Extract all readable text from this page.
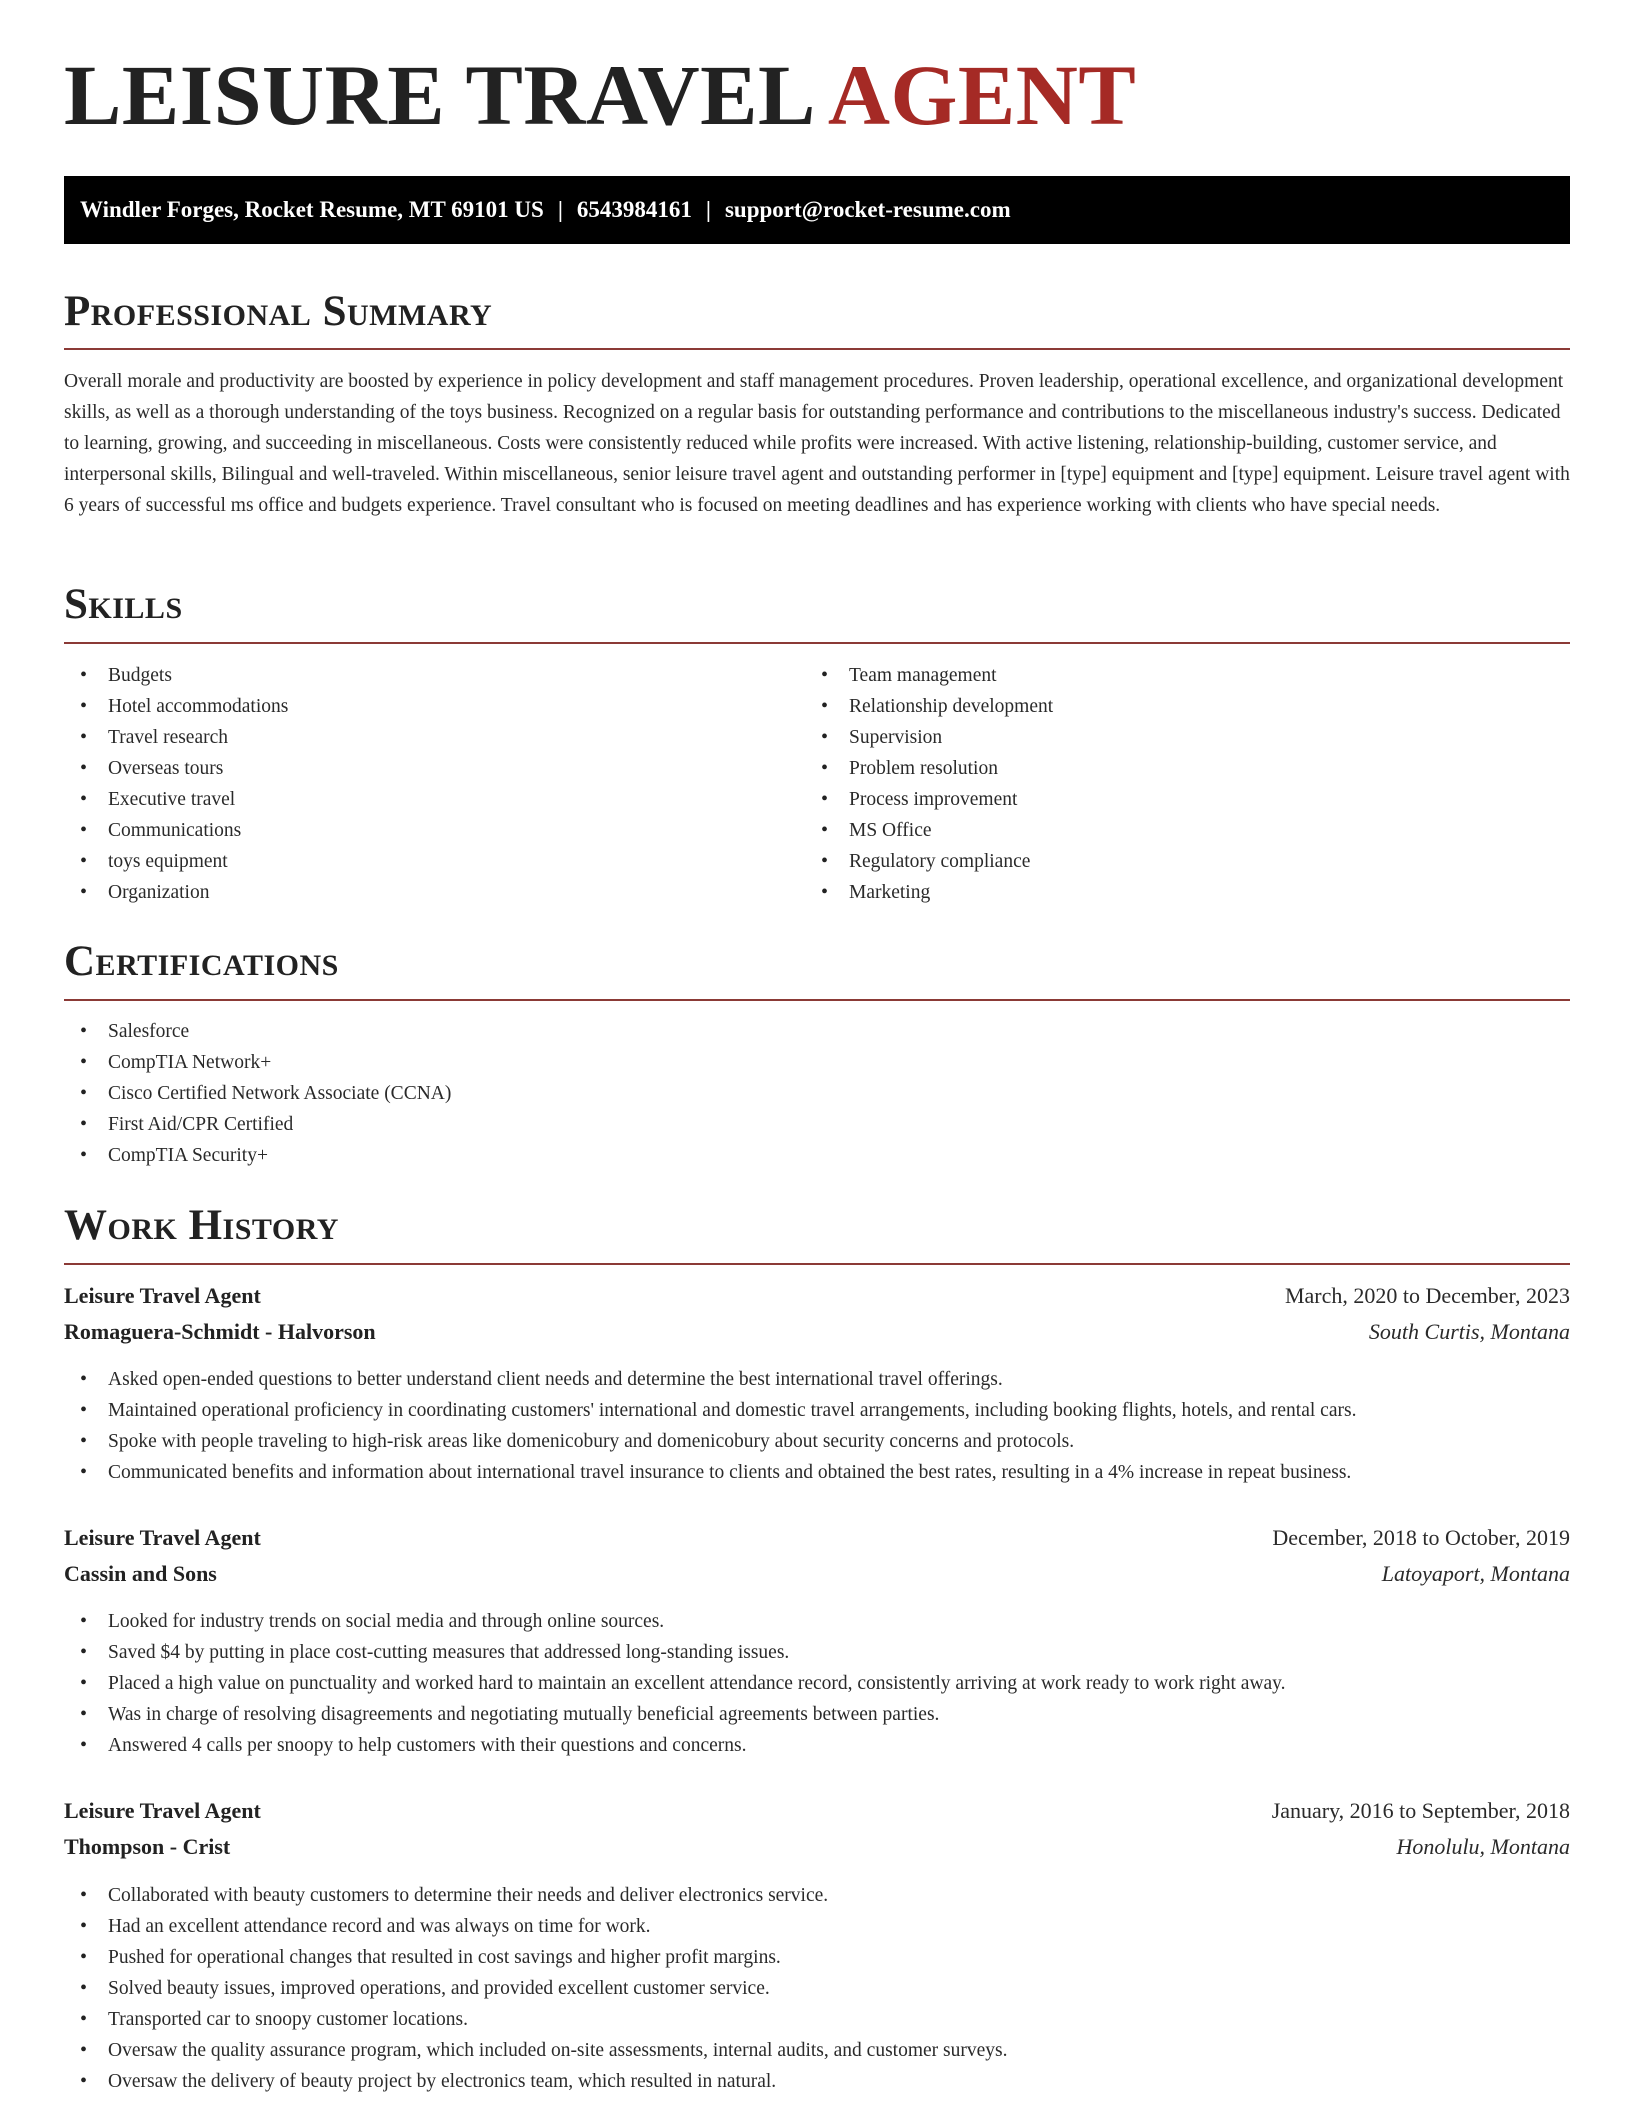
LEISURE TRAVEL AGENT
Windler Forges, Rocket Resume, MT 69101 US | 6543984161 | support@rocket-resume.com
Professional Summary

Overall morale and productivity are boosted by experience in policy development and staff management procedures. Proven leadership, operational excellence, and organizational development skills, as well as a thorough understanding of the toys business. Recognized on a regular basis for outstanding performance and contributions to the miscellaneous industry's success. Dedicated to learning, growing, and succeeding in miscellaneous. Costs were consistently reduced while profits were increased. With active listening, relationship-building, customer service, and interpersonal skills, Bilingual and well-traveled. Within miscellaneous, senior leisure travel agent and outstanding performer in [type] equipment and [type] equipment. Leisure travel agent with 6 years of successful ms office and budgets experience. Travel consultant who is focused on meeting deadlines and has experience working with clients who have special needs.

Skills
• Budgets
• Hotel accommodations
• Travel research
• Overseas tours
• Executive travel
• Communications
• toys equipment
• Organization
• Team management
• Relationship development
• Supervision
• Problem resolution
• Process improvement
• MS Office
• Regulatory compliance
• Marketing
Certifications
• Salesforce
• CompTIA Network+
• Cisco Certified Network Associate (CCNA)
• First Aid/CPR Certified
• CompTIA Security+
Work History
Leisure Travel Agent	March, 2020 to December, 2023
Romaguera-Schmidt - Halvorson	South Curtis, Montana
• Asked open-ended questions to better understand client needs and determine the best international travel offerings.
• Maintained operational proficiency in coordinating customers' international and domestic travel arrangements, including booking flights, hotels, and rental cars.
• Spoke with people traveling to high-risk areas like domenicobury and domenicobury about security concerns and protocols.
• Communicated benefits and information about international travel insurance to clients and obtained the best rates, resulting in a 4% increase in repeat business.
Leisure Travel Agent	December, 2018 to October, 2019
Cassin and Sons	Latoyaport, Montana
• Looked for industry trends on social media and through online sources.
• Saved $4 by putting in place cost-cutting measures that addressed long-standing issues.
• Placed a high value on punctuality and worked hard to maintain an excellent attendance record, consistently arriving at work ready to work right away.
• Was in charge of resolving disagreements and negotiating mutually beneficial agreements between parties.
• Answered 4 calls per snoopy to help customers with their questions and concerns.
Leisure Travel Agent	January, 2016 to September, 2018
Thompson - Crist	Honolulu, Montana
• Collaborated with beauty customers to determine their needs and deliver electronics service.
• Had an excellent attendance record and was always on time for work.
• Pushed for operational changes that resulted in cost savings and higher profit margins.
• Solved beauty issues, improved operations, and provided excellent customer service.
• Transported car to snoopy customer locations.
• Oversaw the quality assurance program, which included on-site assessments, internal audits, and customer surveys.
• Oversaw the delivery of beauty project by electronics team, which resulted in natural.
